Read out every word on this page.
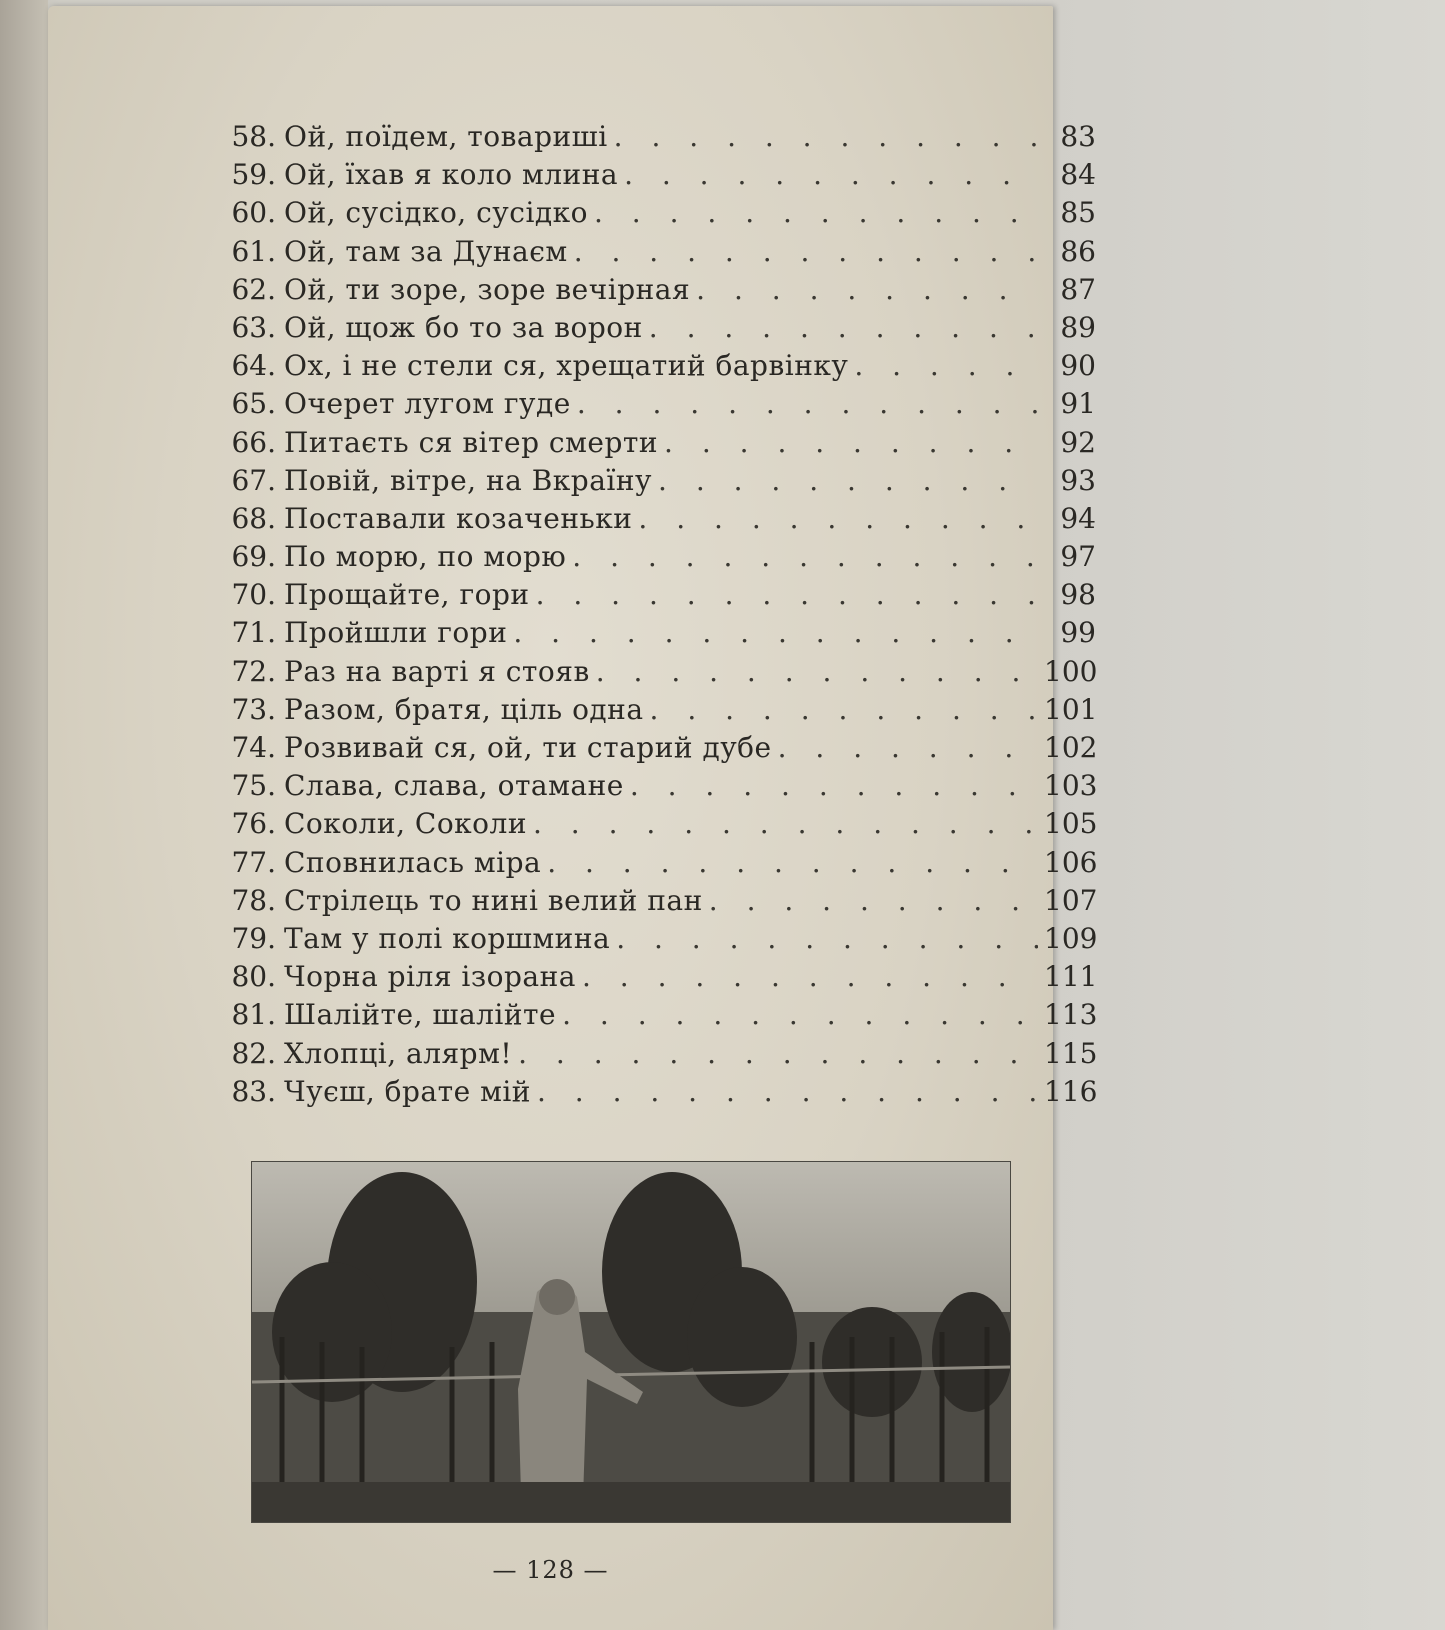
58. Ой, поїдем, товариші . . .	83
59. Ой, їхав я коло млина . . .	84
60. Ой, сусідко, сусідко . . .	85
61. Ой, там за Дунаєм . . .	86
62. Ой, ти зоре, зоре вечірная . . .	87
63. Ой, щож бо то за ворон . . .	89
64. Ох, і не стели ся, хрещатий барвінку . . .	90
65. Очерет лугом гуде . . .	91
66. Питаєть ся вітер смерти . . .	92
67. Повій, вітре, на Вкраїну . . .	93
68. Поставали козаченьки . . .	94
69. По морю, по морю . . .	97
70. Прощайте, гори . . .	98
71. Пройшли гори . . .	99
72. Раз на варті я стояв . . .	100
73. Разом, братя, ціль одна . . .	101
74. Розвивай ся, ой, ти старий дубе . . .	102
75. Слава, слава, отамане . . .	103
76. Соколи, Соколи . . .	105
77. Сповнилась міра . . .	106
78. Стрілець то нині велий пан . . .	107
79. Там у полі коршмина . . .	109
80. Чорна ріля ізорана . . .	111
81. Шалійте, шалійте . . .	113
82. Хлопці, алярм! . . .	115
83. Чуєш, брате мій . . .	116
— 128 —
